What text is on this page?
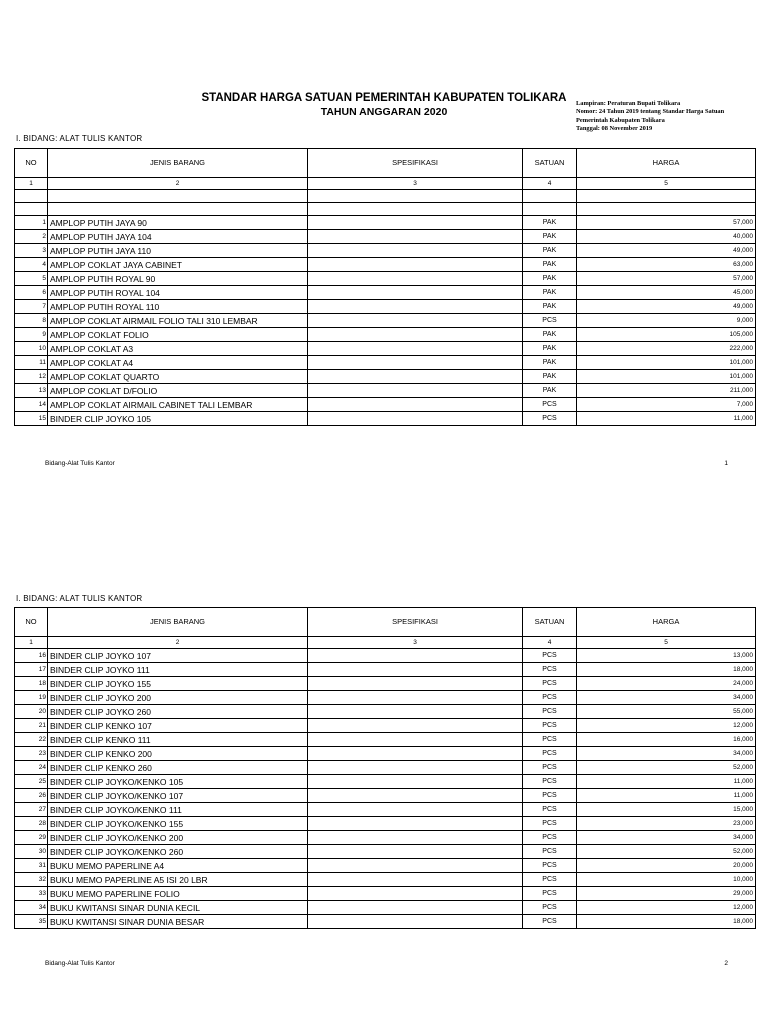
STANDAR HARGA SATUAN PEMERINTAH KABUPATEN TOLIKARA
TAHUN ANGGARAN 2020
Lampiran: Peraturan Bupati Tolikara
Nomor: 24 Tahun 2019 tentang Standar Harga Satuan
Pemerintah Kabupaten Tolikara
Tanggal: 08 November 2019
I. BIDANG: ALAT TULIS KANTOR
NO	JENIS BARANG	SPESIFIKASI	SATUAN	HARGA
1	2	3	4	5

1	AMPLOP PUTIH JAYA 90		PAK	57,000
2	AMPLOP PUTIH JAYA 104		PAK	40,000
3	AMPLOP PUTIH JAYA 110		PAK	49,000
4	AMPLOP COKLAT JAYA CABINET		PAK	63,000
5	AMPLOP PUTIH ROYAL 90		PAK	57,000
6	AMPLOP PUTIH ROYAL 104		PAK	45,000
7	AMPLOP PUTIH ROYAL 110		PAK	49,000
8	AMPLOP COKLAT AIRMAIL FOLIO TALI 310 LEMBAR		PCS	9,000
9	AMPLOP COKLAT FOLIO		PAK	105,000
10	AMPLOP COKLAT A3		PAK	222,000
11	AMPLOP COKLAT A4		PAK	101,000
12	AMPLOP COKLAT QUARTO		PAK	101,000
13	AMPLOP COKLAT D/FOLIO		PAK	211,000
14	AMPLOP COKLAT AIRMAIL CABINET TALI LEMBAR		PCS	7,000
15	BINDER CLIP JOYKO 105		PCS	11,000
Bidang-Alat Tulis Kantor	1
I. BIDANG: ALAT TULIS KANTOR
NO	JENIS BARANG	SPESIFIKASI	SATUAN	HARGA
1	2	3	4	5
16	BINDER CLIP JOYKO 107		PCS	13,000
17	BINDER CLIP JOYKO 111		PCS	18,000
18	BINDER CLIP JOYKO 155		PCS	24,000
19	BINDER CLIP JOYKO 200		PCS	34,000
20	BINDER CLIP JOYKO 260		PCS	55,000
21	BINDER CLIP KENKO 107		PCS	12,000
22	BINDER CLIP KENKO 111		PCS	16,000
23	BINDER CLIP KENKO 200		PCS	34,000
24	BINDER CLIP KENKO 260		PCS	52,000
25	BINDER CLIP JOYKO/KENKO 105		PCS	11,000
26	BINDER CLIP JOYKO/KENKO 107		PCS	11,000
27	BINDER CLIP JOYKO/KENKO 111		PCS	15,000
28	BINDER CLIP JOYKO/KENKO 155		PCS	23,000
29	BINDER CLIP JOYKO/KENKO 200		PCS	34,000
30	BINDER CLIP JOYKO/KENKO 260		PCS	52,000
31	BUKU MEMO PAPERLINE A4		PCS	20,000
32	BUKU MEMO PAPERLINE A5 ISI 20 LBR		PCS	10,000
33	BUKU MEMO PAPERLINE FOLIO		PCS	29,000
34	BUKU KWITANSI SINAR DUNIA KECIL		PCS	12,000
35	BUKU KWITANSI SINAR DUNIA BESAR		PCS	18,000
Bidang-Alat Tulis Kantor	2
